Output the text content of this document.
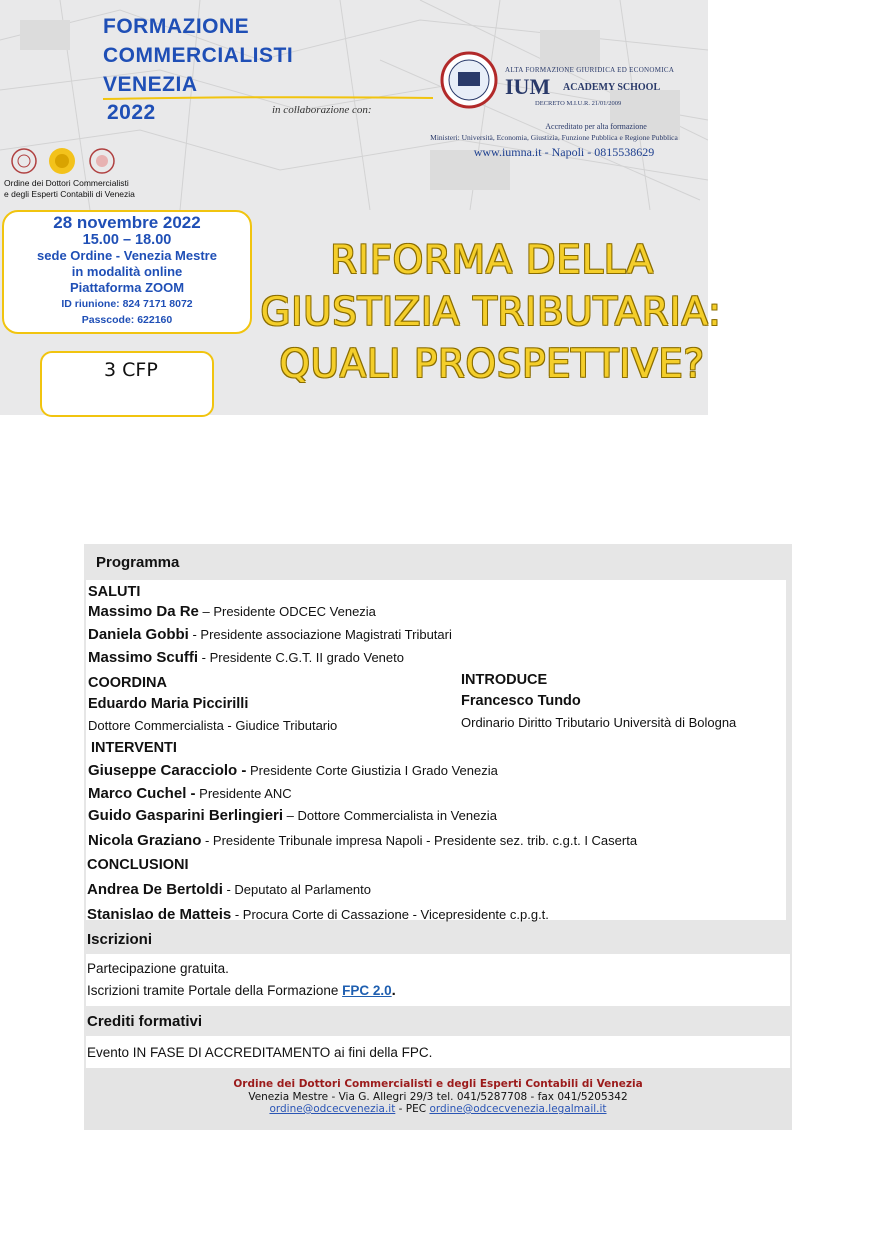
FORMAZIONE
COMMERCIALISTI
VENEZIA
2022	in collaborazione con:
Ordine dei Dottori Commercialisti
e degli Esperti Contabili di Venezia
ALTA FORMAZIONE GIURIDICA ED ECONOMICA
IUM ACADEMY SCHOOL
DECRETO M.I.U.R. 21/01/2009
Accreditato per alta formazione
Ministeri: Università, Economia, Giustizia, Funzione Pubblica e Regione Pubblica
www.iumna.it - Napoli - 0815538629
28 novembre 2022
15.00 – 18.00
sede Ordine - Venezia Mestre
in modalità online
Piattaforma ZOOM
ID riunione: 824 7171 8072
Passcode: 622160
3 CFP
RIFORMA DELLA
GIUSTIZIA TRIBUTARIA:
QUALI PROSPETTIVE?
Programma
SALUTI
Massimo Da Re – Presidente ODCEC Venezia
Daniela Gobbi - Presidente associazione Magistrati Tributari
Massimo Scuffi - Presidente C.G.T. II grado Veneto
COORDINA
Eduardo Maria Piccirilli
Dottore Commercialista - Giudice Tributario
INTRODUCE
Francesco Tundo
Ordinario Diritto Tributario Università di Bologna
INTERVENTI
Giuseppe Caracciolo - Presidente Corte Giustizia I Grado Venezia
Marco Cuchel - Presidente ANC
Guido Gasparini Berlingieri – Dottore Commercialista in Venezia
Nicola Graziano - Presidente Tribunale impresa Napoli - Presidente sez. trib. c.g.t. I Caserta
CONCLUSIONI
Andrea De Bertoldi - Deputato al Parlamento
Stanislao de Matteis - Procura Corte di Cassazione - Vicepresidente c.p.g.t.
Iscrizioni
Partecipazione gratuita.
Iscrizioni tramite Portale della Formazione FPC 2.0.
Crediti formativi
Evento IN FASE DI ACCREDITAMENTO ai fini della FPC.
Ordine dei Dottori Commercialisti e degli Esperti Contabili di Venezia
Venezia Mestre - Via G. Allegri 29/3 tel. 041/5287708 - fax 041/5205342
ordine@odcecvenezia.it - PEC ordine@odcecvenezia.legalmail.it
